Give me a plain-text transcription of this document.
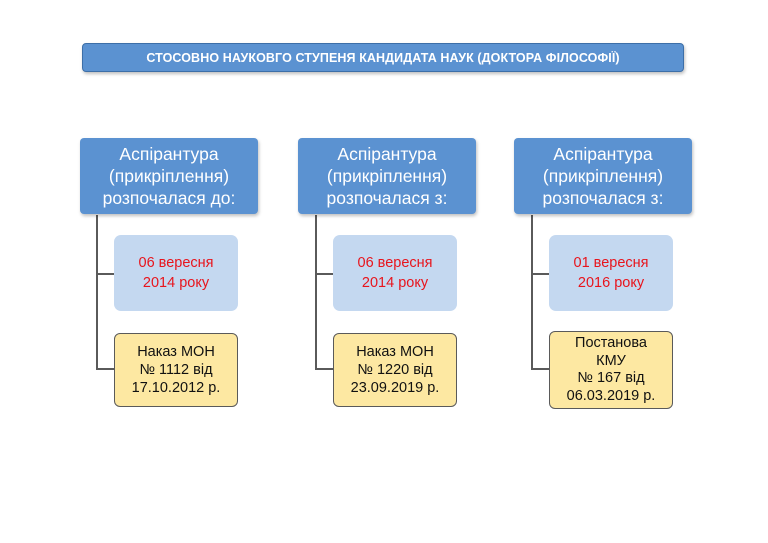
СТОСОВНО НАУКОВГО СТУПЕНЯ КАНДИДАТА НАУК (ДОКТОРА ФІЛОСОФІЇ)
Аспірантура
(прикріплення)
розпочалася до:
06 вересня
2014 року
Наказ МОН
№ 1112 від
17.10.2012 р.
Аспірантура
(прикріплення)
розпочалася з:
06 вересня
2014 року
Наказ МОН
№ 1220 від
23.09.2019 р.
Аспірантура
(прикріплення)
розпочалася з:
01 вересня
2016 року
Постанова
КМУ
№ 167 від
06.03.2019 р.
